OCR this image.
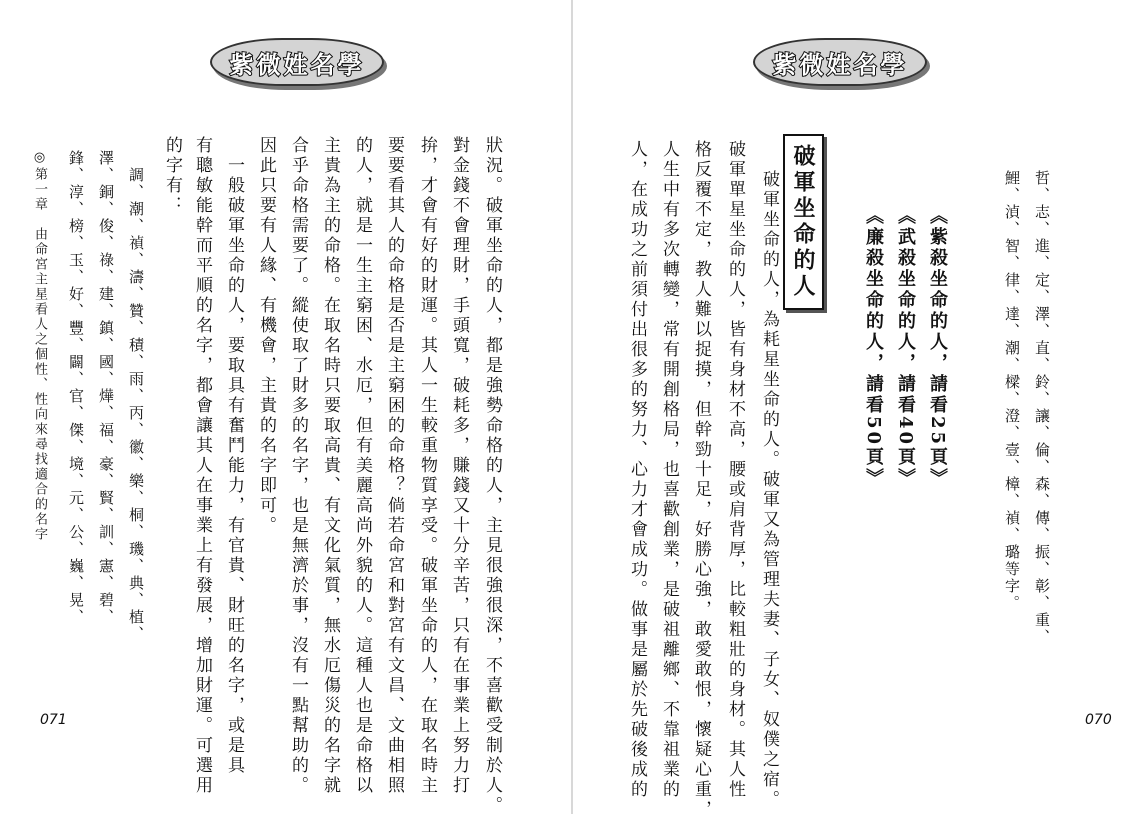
紫微姓名學
狀況。破軍坐命的人，都是強勢命格的人，主見很強很深，不喜歡受制於人。
對金錢不會理財，手頭寬，破耗多，賺錢又十分辛苦，只有在事業上努力打
拚，才會有好的財運。其人一生較重物質享受。破軍坐命的人，在取名時主
要要看其人的命格是否是主窮困的命格？倘若命宮和對宮有文昌、文曲相照
的人，就是一生主窮困、水厄，但有美麗高尚外貌的人。這種人也是命格以
主貴為主的命格。在取名時只要取高貴、有文化氣質，無水厄傷災的名字就
合乎命格需要了。縱使取了財多的名字，也是無濟於事，沒有一點幫助的。
因此只要有人緣、有機會，主貴的名字即可。
　一般破軍坐命的人，要取具有奮鬥能力，有官貴、財旺的名字，或是具
有聰敏能幹而平順的名字，都會讓其人在事業上有發展，增加財運。可選用
的字有：
　調、潮、禎、濤、贊、積、雨、丙、徽、樂、桐、璣、典、植、
澤、銅、俊、祿、建、鎮、國、燁、福、豪、賢、訓、憲、碧、
鋒、淳、榜、玉、好、豐、闢、官、傑、境、元、公、巍、晃、
◎第一章　由命宮主星看人之個性、性向來尋找適合的名字
071
紫微姓名學
哲、志、進、定、澤、直、鈴、讓、倫、森、傳、振、彰、重、
鯉、湞、智、律、達、潮、樑、澄、壹、樟、禎、璐等字。
《紫殺坐命的人，請看25頁》
《武殺坐命的人，請看40頁》
《廉殺坐命的人，請看50頁》
破軍坐命的人
　破軍坐命的人，為耗星坐命的人。破軍又為管理夫妻、子女、奴僕之宿。
破軍單星坐命的人，皆有身材不高，腰或肩背厚，比較粗壯的身材。其人性
格反覆不定，教人難以捉摸，但幹勁十足，好勝心強，敢愛敢恨，懷疑心重，
人生中有多次轉變，常有開創格局，也喜歡創業，是破祖離鄉、不靠祖業的
人，在成功之前須付出很多的努力、心力才會成功。做事是屬於先破後成的	070
